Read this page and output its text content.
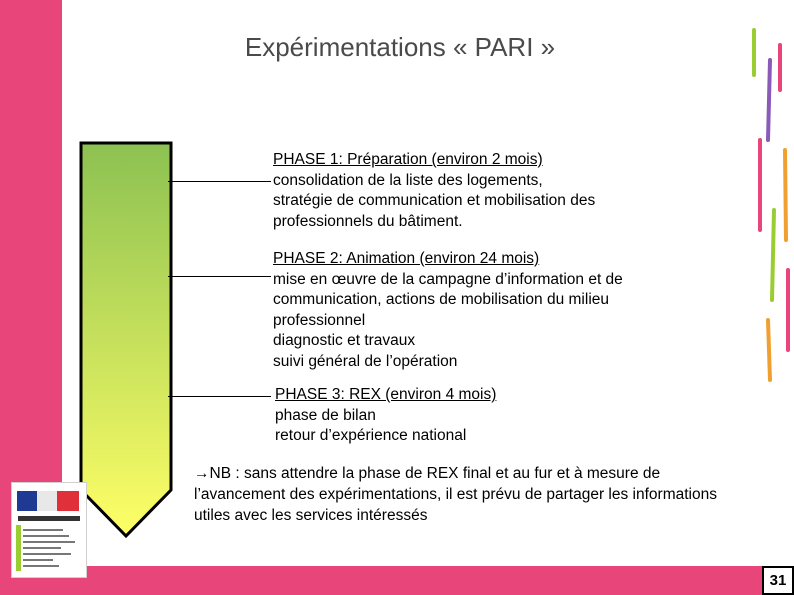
Expérimentations « PARI »
PHASE 1: Préparation (environ 2 mois)
consolidation de la liste des logements,
stratégie de communication et mobilisation des
professionnels du bâtiment.
PHASE 2: Animation (environ 24 mois)
mise en œuvre de la campagne d’information et de
communication, actions de mobilisation du milieu
professionnel
diagnostic et travaux
suivi général de l’opération
PHASE 3: REX (environ 4 mois)
phase de bilan
retour d’expérience national
→NB : sans attendre la phase de REX final et au fur et à mesure de l’avancement des expérimentations, il est prévu de partager les informations utiles avec les services intéressés
31
